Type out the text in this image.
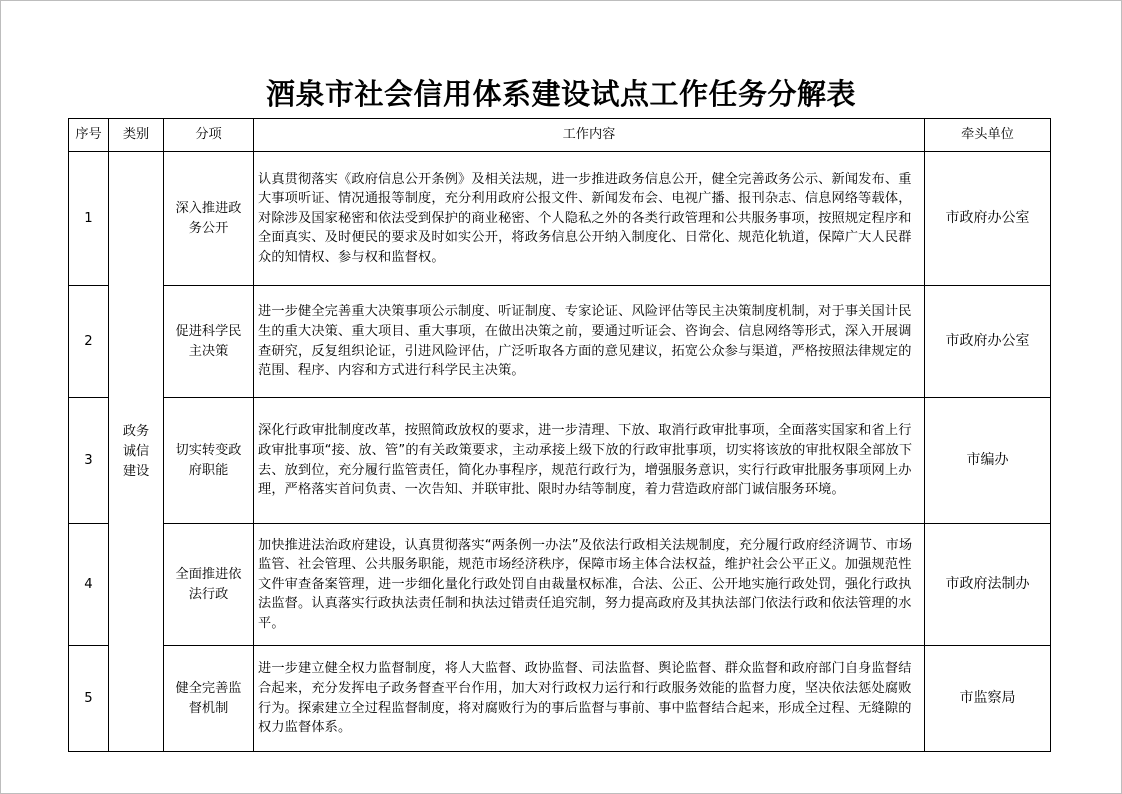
酒泉市社会信用体系建设试点工作任务分解表
序号	类别	分项	工作内容	牵头单位
1	政务诚信建设	深入推进政务公开	认真贯彻落实《政府信息公开条例》及相关法规，进一步推进政务信息公开，健全完善政务公示、新闻发布、重大事项听证、情况通报等制度，充分利用政府公报文件、新闻发布会、电视广播、报刊杂志、信息网络等载体，对除涉及国家秘密和依法受到保护的商业秘密、个人隐私之外的各类行政管理和公共服务事项，按照规定程序和全面真实、及时便民的要求及时如实公开，将政务信息公开纳入制度化、日常化、规范化轨道，保障广大人民群众的知情权、参与权和监督权。	市政府办公室
2		促进科学民主决策	进一步健全完善重大决策事项公示制度、听证制度、专家论证、风险评估等民主决策制度机制，对于事关国计民生的重大决策、重大项目、重大事项，在做出决策之前，要通过听证会、咨询会、信息网络等形式，深入开展调查研究，反复组织论证，引进风险评估，广泛听取各方面的意见建议，拓宽公众参与渠道，严格按照法律规定的范围、程序、内容和方式进行科学民主决策。	市政府办公室
3		切实转变政府职能	深化行政审批制度改革，按照简政放权的要求，进一步清理、下放、取消行政审批事项，全面落实国家和省上行政审批事项“接、放、管”的有关政策要求，主动承接上级下放的行政审批事项，切实将该放的审批权限全部放下去、放到位，充分履行监管责任，简化办事程序，规范行政行为，增强服务意识，实行行政审批服务事项网上办理，严格落实首问负责、一次告知、并联审批、限时办结等制度，着力营造政府部门诚信服务环境。	市编办
4		全面推进依法行政	加快推进法治政府建设，认真贯彻落实“两条例一办法”及依法行政相关法规制度，充分履行政府经济调节、市场监管、社会管理、公共服务职能，规范市场经济秩序，保障市场主体合法权益，维护社会公平正义。加强规范性文件审查备案管理，进一步细化量化行政处罚自由裁量权标准，合法、公正、公开地实施行政处罚，强化行政执法监督。认真落实行政执法责任制和执法过错责任追究制，努力提高政府及其执法部门依法行政和依法管理的水平。	市政府法制办
5		健全完善监督机制	进一步建立健全权力监督制度，将人大监督、政协监督、司法监督、舆论监督、群众监督和政府部门自身监督结合起来，充分发挥电子政务督查平台作用，加大对行政权力运行和行政服务效能的监督力度，坚决依法惩处腐败行为。探索建立全过程监督制度，将对腐败行为的事后监督与事前、事中监督结合起来，形成全过程、无缝隙的权力监督体系。	市监察局
